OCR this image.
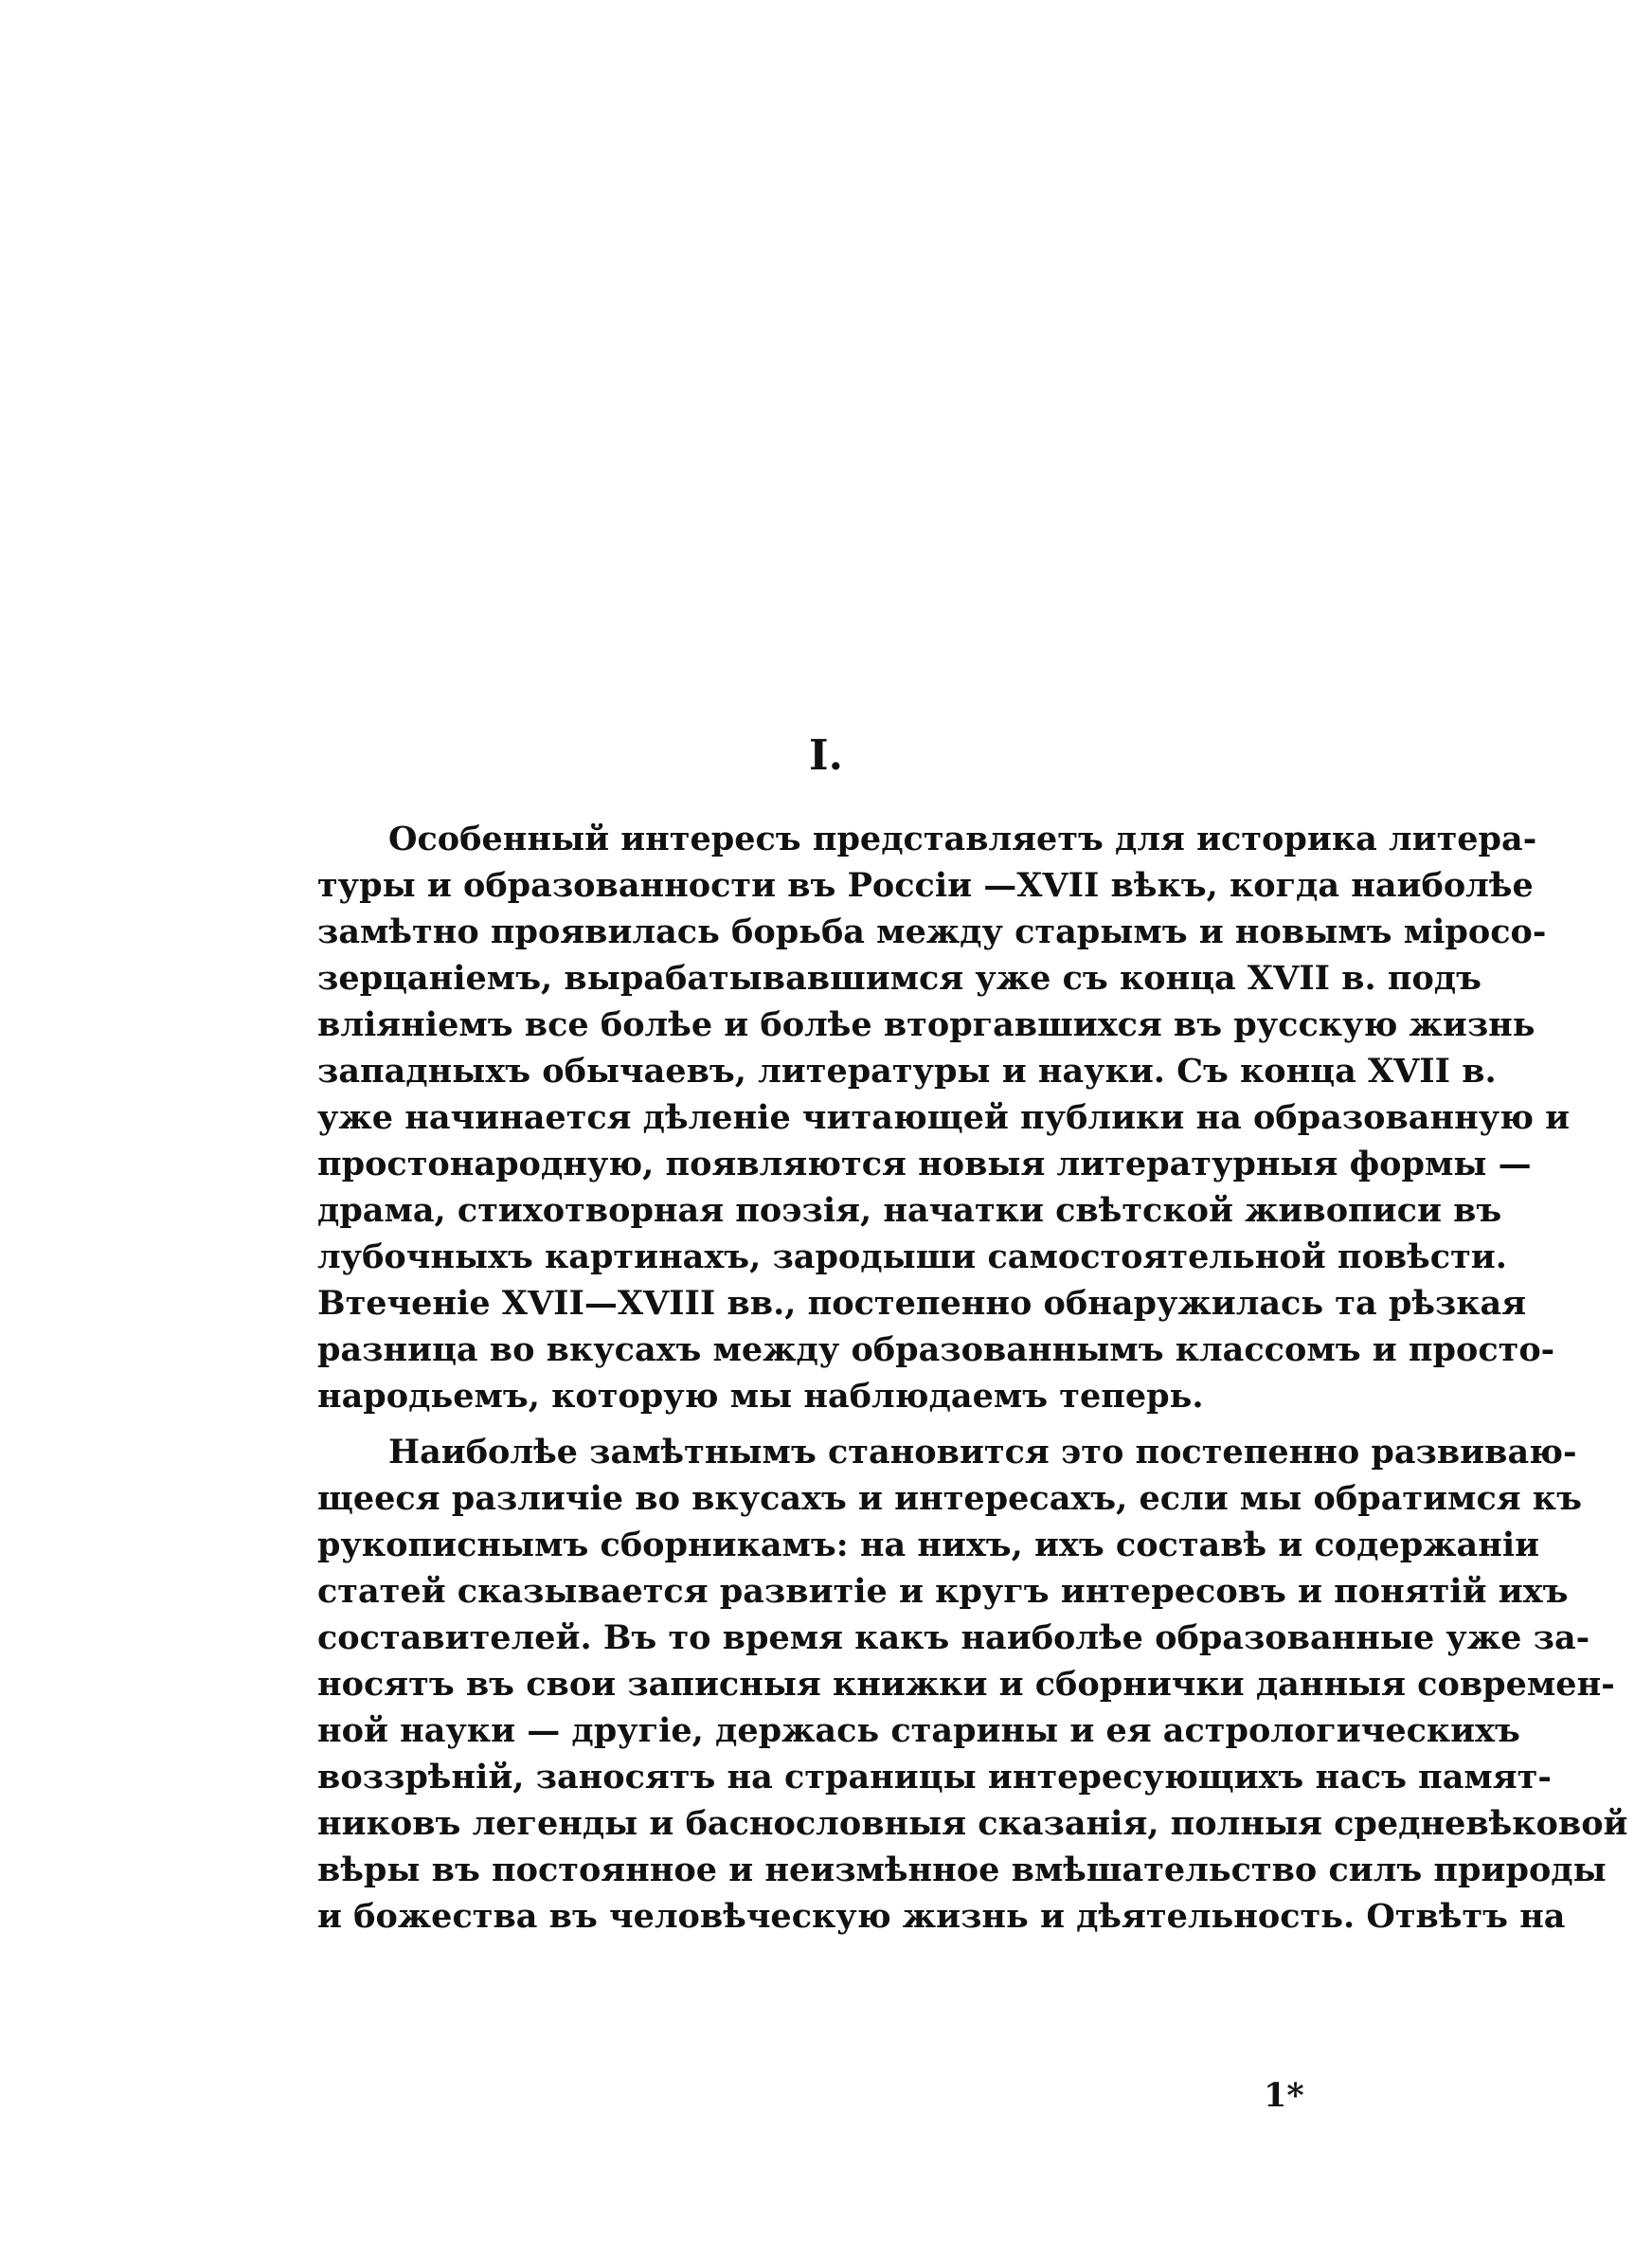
I.

Особенный интересъ представляетъ для историка литера-

туры и образованности въ Россіи —XVII вѣкъ, когда наиболѣе

замѣтно проявилась борьба между старымъ и новымъ міросо-

зерцаніемъ, вырабатывавшимся уже съ конца XVII в. подъ

вліяніемъ все болѣе и болѣе вторгавшихся въ русскую жизнь

западныхъ обычаевъ, литературы и науки. Съ конца XVII в.

уже начинается дѣленіе читающей публики на образованную и

простонародную, появляются новыя литературныя формы —

драма, стихотворная поэзія, начатки свѣтской живописи въ

лубочныхъ картинахъ, зародыши самостоятельной повѣсти.

Втеченіе XVII—XVIII вв., постепенно обнаружилась та рѣзкая

разница во вкусахъ между образованнымъ классомъ и просто-

народьемъ, которую мы наблюдаемъ теперь.

Наиболѣе замѣтнымъ становится это постепенно развиваю-

щееся различіе во вкусахъ и интересахъ, если мы обратимся къ

рукописнымъ сборникамъ: на нихъ, ихъ составѣ и содержаніи

статей сказывается развитіе и кругъ интересовъ и понятій ихъ

составителей. Въ то время какъ наиболѣе образованные уже за-

носятъ въ свои записныя книжки и сборнички данныя современ-

ной науки — другіе, держась старины и ея астрологическихъ

воззрѣній, заносятъ на страницы интересующихъ насъ памят-

никовъ легенды и баснословныя сказанія, полныя средневѣковой

вѣры въ постоянное и неизмѣнное вмѣшательство силъ природы

и божества въ человѣческую жизнь и дѣятельность. Отвѣтъ на

1*
